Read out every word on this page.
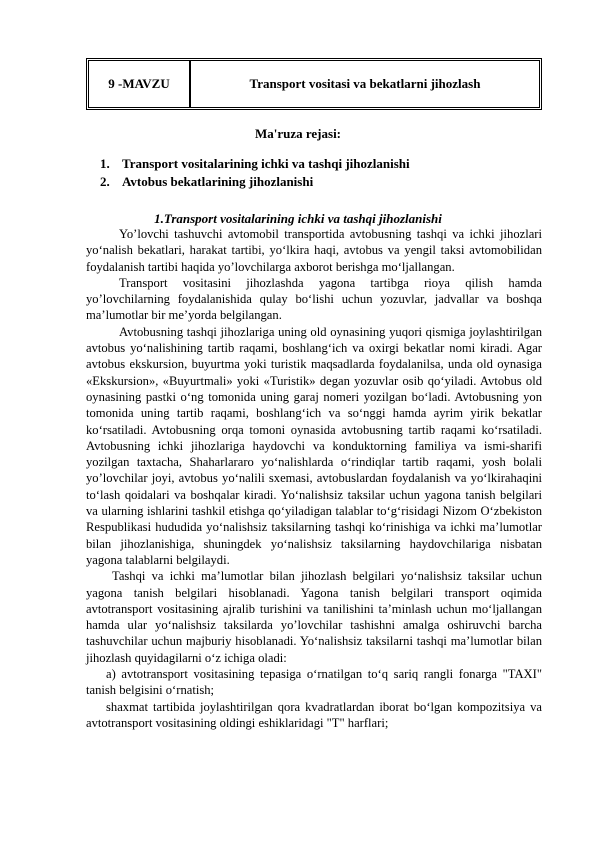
9 -MAVZU	Transport vositasi va bekatlarni jihozlash
Ma'ruza rejasi:
1. Transport vositalarining ichki va tashqi jihozlanishi
2. Avtobus bekatlarining jihozlanishi
1.Transport vositalarining ichki va tashqi jihozlanishi

Yo’lovchi tashuvchi avtomobil transportida avtobusning tashqi va ichki jihozlari yo‘nalish bekatlari, harakat tartibi, yo‘lkira haqi, avtobus va yengil taksi avtomobilidan foydalanish tartibi haqida yo’lovchilarga axborot berishga mo‘ljallangan.

Transport vositasini jihozlashda yagona tartibga rioya qilish hamda yo’lovchilarning foydalanishida qulay bo‘lishi uchun yozuvlar, jadvallar va boshqa ma’lumotlar bir me’yorda belgilangan.

Avtobusning tashqi jihozlariga uning old oynasining yuqori qismiga joylashtirilgan avtobus yo‘nalishining tartib raqami, boshlang‘ich va oxirgi bekatlar nomi kiradi. Agar avtobus ekskursion, buyurtma yoki turistik maqsadlarda foydalanilsa, unda old oynasiga «Ekskursion», «Buyurtmali» yoki «Turistik» degan yozuvlar osib qo‘yiladi. Avtobus old oynasining pastki o‘ng tomonida uning garaj nomeri yozilgan bo‘ladi. Avtobusning yon tomonida uning tartib raqami, boshlang‘ich va so‘nggi hamda ayrim yirik bekatlar ko‘rsatiladi. Avtobusning orqa tomoni oynasida avtobusning tartib raqami ko‘rsatiladi. Avtobusning ichki jihozlariga haydovchi va konduktorning familiya va ismi-sharifi yozilgan taxtacha, Shaharlararo yo‘nalishlarda o‘rindiqlar tartib raqami, yosh bolali yo’lovchilar joyi, avtobus yo‘nalili sxemasi, avtobuslardan foydalanish va yo‘lkirahaqini to‘lash qoidalari va boshqalar kiradi. Yo‘nalishsiz taksilar uchun yagona tanish belgilari va ularning ishlarini tashkil etishga qo‘yiladigan talablar to‘g‘risidagi Nizom O‘zbekiston Respublikasi hududida yo‘nalishsiz taksilarning tashqi ko‘rinishiga va ichki ma’lumotlar bilan jihozlanishiga, shuningdek yo‘nalishsiz taksilarning haydovchilariga nisbatan yagona talablarni belgilaydi.

Tashqi va ichki ma’lumotlar bilan jihozlash belgilari yo‘nalishsiz taksilar uchun yagona tanish belgilari hisoblanadi. Yagona tanish belgilari transport oqimida avtotransport vositasining ajralib turishini va tanilishini ta’minlash uchun mo‘ljallangan hamda ular yo‘nalishsiz taksilarda yo’lovchilar tashishni amalga oshiruvchi barcha tashuvchilar uchun majburiy hisoblanadi. Yo‘nalishsiz taksilarni tashqi ma’lumotlar bilan jihozlash quyidagilarni o‘z ichiga oladi:

a) avtotransport vositasining tepasiga o‘rnatilgan to‘q sariq rangli fonarga "TAXI" tanish belgisini o‘rnatish;

shaxmat tartibida joylashtirilgan qora kvadratlardan iborat bo‘lgan kompozitsiya va avtotransport vositasining oldingi eshiklaridagi "T" harflari;
